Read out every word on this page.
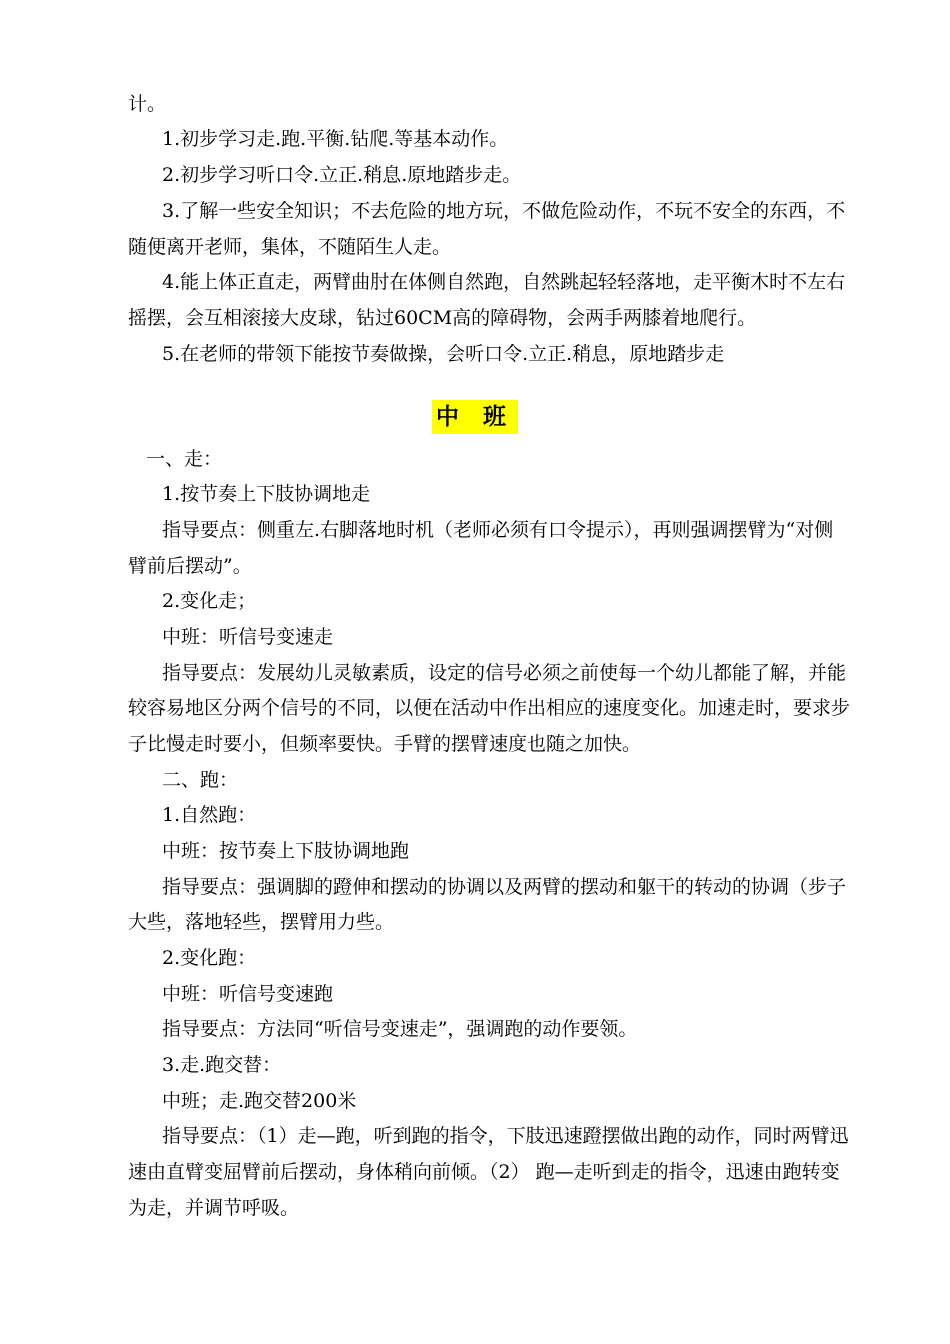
计。

1.初步学习走.跑.平衡.钻爬.等基本动作。

2.初步学习听口令.立正.稍息.原地踏步走。

3.了解一些安全知识；不去危险的地方玩，不做危险动作，不玩不安全的东西，不

随便离开老师，集体，不随陌生人走。

4.能上体正直走，两臂曲肘在体侧自然跑，自然跳起轻轻落地，走平衡木时不左右

摇摆，会互相滚接大皮球，钻过60CM高的障碍物，会两手两膝着地爬行。

5.在老师的带领下能按节奏做操，会听口令.立正.稍息，原地踏步走

中 班

一、走：

1.按节奏上下肢协调地走

指导要点：侧重左.右脚落地时机（老师必须有口令提示），再则强调摆臂为“对侧

臂前后摆动”。

2.变化走；

中班：听信号变速走

指导要点：发展幼儿灵敏素质，设定的信号必须之前使每一个幼儿都能了解，并能

较容易地区分两个信号的不同，以便在活动中作出相应的速度变化。加速走时，要求步

子比慢走时要小，但频率要快。手臂的摆臂速度也随之加快。

二、跑：

1.自然跑：

中班：按节奏上下肢协调地跑

指导要点：强调脚的蹬伸和摆动的协调以及两臂的摆动和躯干的转动的协调（步子

大些，落地轻些，摆臂用力些。

2.变化跑：

中班：听信号变速跑

指导要点：方法同“听信号变速走”，强调跑的动作要领。

3.走.跑交替：

中班；走.跑交替200米

指导要点：（1）走—跑，听到跑的指令，下肢迅速蹬摆做出跑的动作，同时两臂迅

速由直臂变屈臂前后摆动，身体稍向前倾。（2） 跑—走听到走的指令，迅速由跑转变

为走，并调节呼吸。
